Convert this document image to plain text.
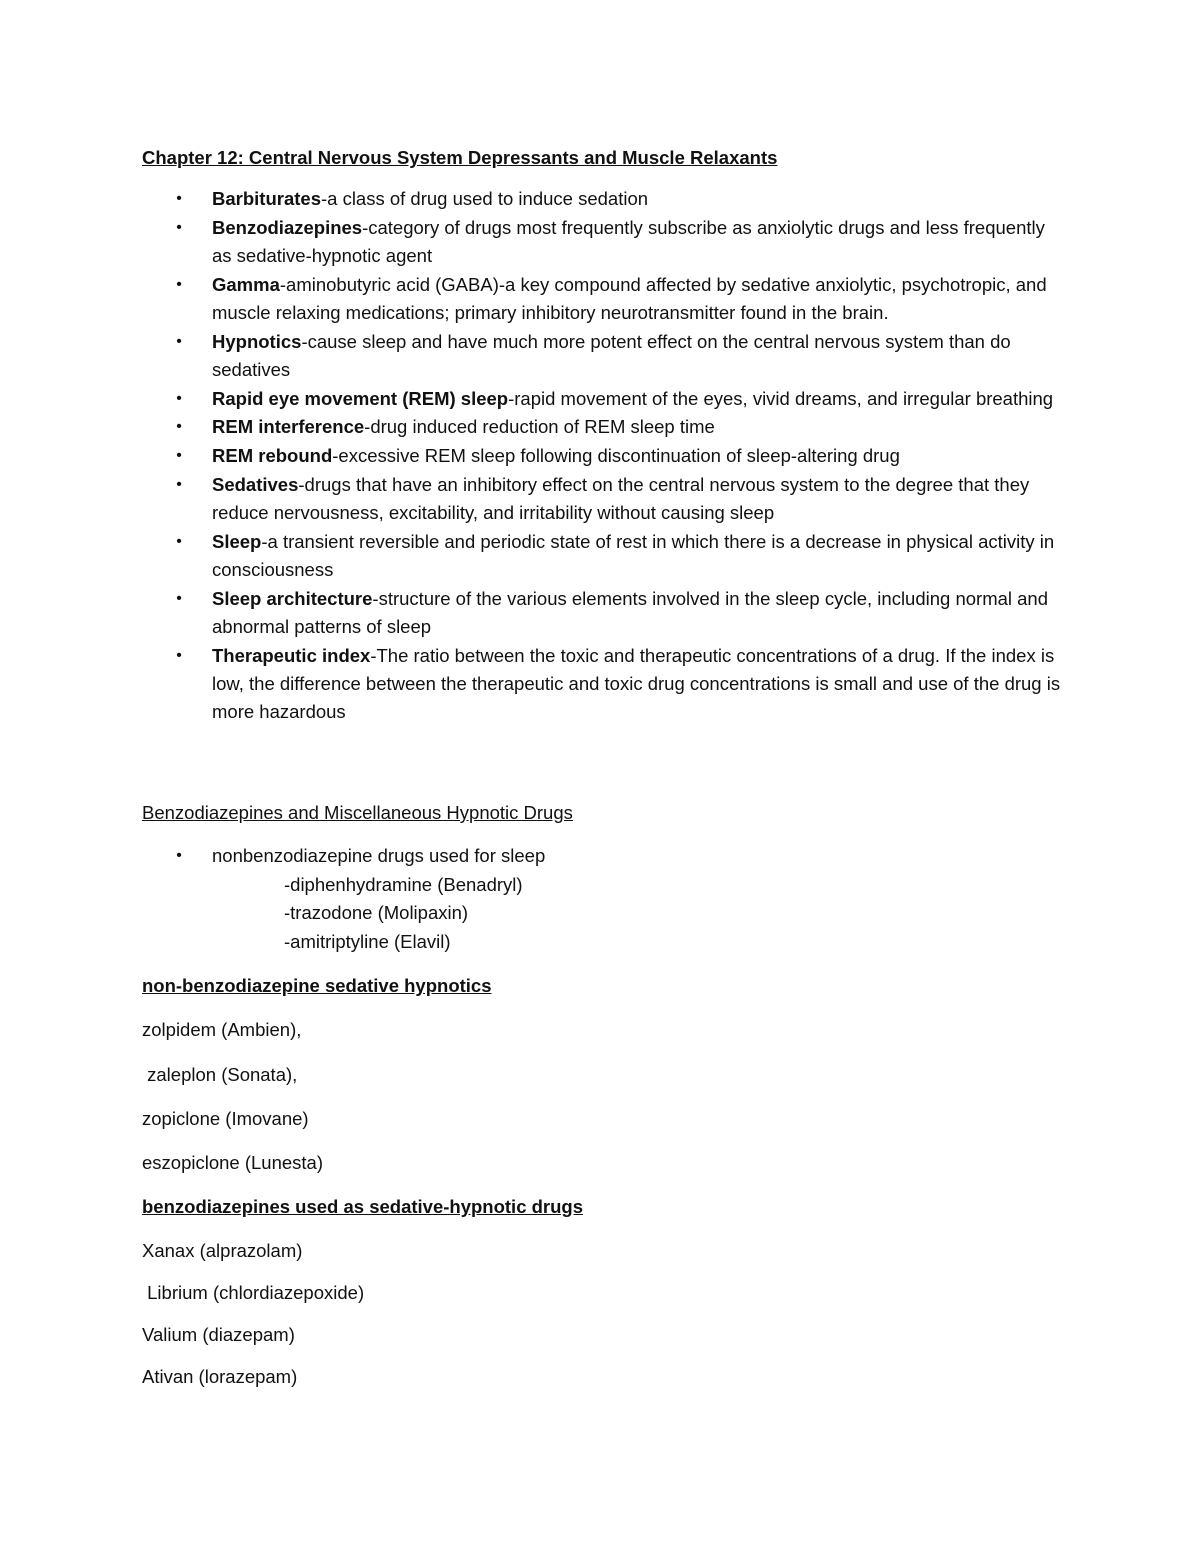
Chapter 12: Central Nervous System Depressants and Muscle Relaxants
• Barbiturates-a class of drug used to induce sedation
• Benzodiazepines-category of drugs most frequently subscribe as anxiolytic drugs and less frequently as sedative-hypnotic agent
• Gamma-aminobutyric acid (GABA)-a key compound affected by sedative anxiolytic, psychotropic, and muscle relaxing medications; primary inhibitory neurotransmitter found in the brain.
• Hypnotics-cause sleep and have much more potent effect on the central nervous system than do sedatives
• Rapid eye movement (REM) sleep-rapid movement of the eyes, vivid dreams, and irregular breathing
• REM interference-drug induced reduction of REM sleep time
• REM rebound-excessive REM sleep following discontinuation of sleep-altering drug
• Sedatives-drugs that have an inhibitory effect on the central nervous system to the degree that they reduce nervousness, excitability, and irritability without causing sleep
• Sleep-a transient reversible and periodic state of rest in which there is a decrease in physical activity in consciousness
• Sleep architecture-structure of the various elements involved in the sleep cycle, including normal and abnormal patterns of sleep
• Therapeutic index-The ratio between the toxic and therapeutic concentrations of a drug. If the index is low, the difference between the therapeutic and toxic drug concentrations is small and use of the drug is more hazardous
Benzodiazepines and Miscellaneous Hypnotic Drugs
• nonbenzodiazepine drugs used for sleep
-diphenhydramine (Benadryl)
-trazodone (Molipaxin)
-amitriptyline (Elavil)
non-benzodiazepine sedative hypnotics

zolpidem (Ambien),

zaleplon (Sonata),

zopiclone (Imovane)

eszopiclone (Lunesta)

benzodiazepines used as sedative-hypnotic drugs

Xanax (alprazolam)

Librium (chlordiazepoxide)

Valium (diazepam)

Ativan (lorazepam)
